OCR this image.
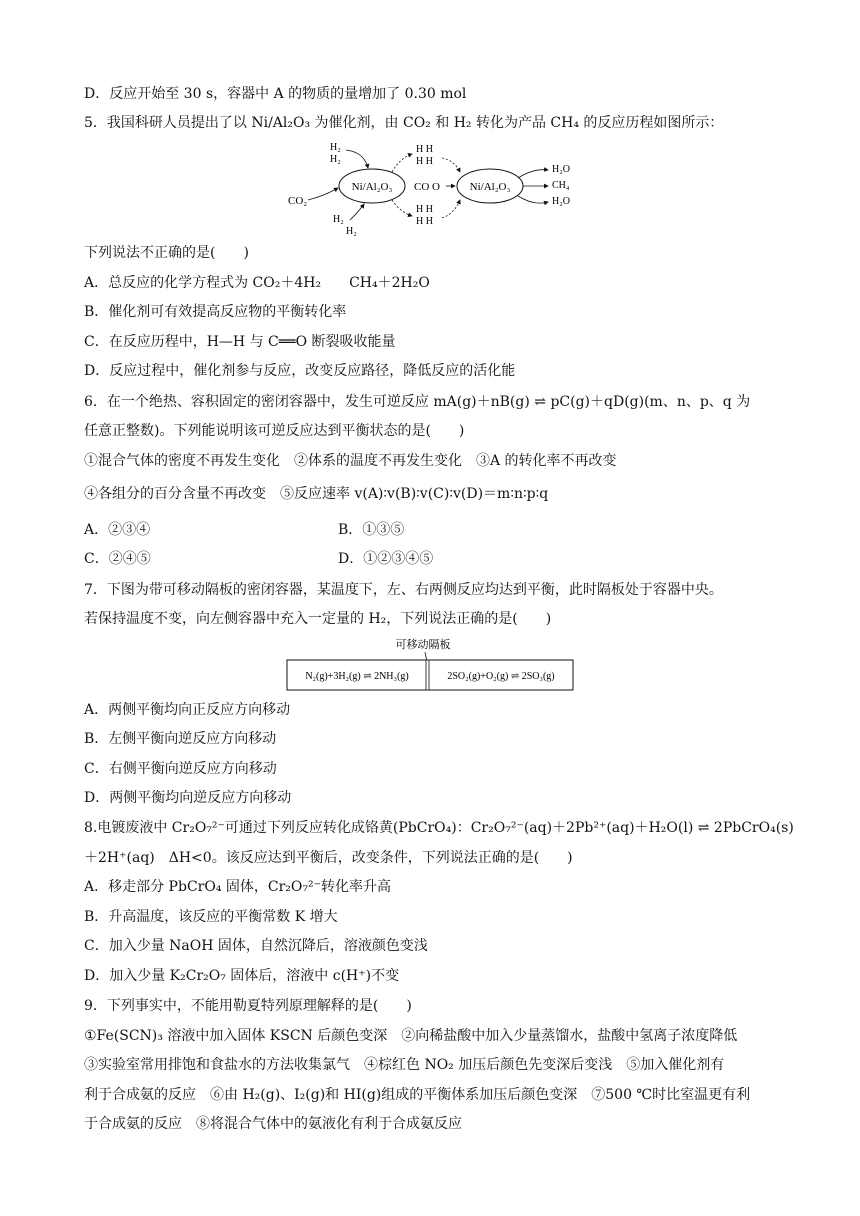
D．反应开始至 30 s，容器中 A 的物质的量增加了 0.30 mol
5．我国科研人员提出了以 Ni/Al₂O₃ 为催化剂，由 CO₂ 和 H₂ 转化为产品 CH₄ 的反应历程如图所示：
Ni/Al₂O₃	Ni/Al₂O₃
CO₂
H₂
H₂
H₂
H₂
H H
H H
CO O
H H
H H
H₂O
CH₄
H₂O
下列说法不正确的是(　　)
A．总反应的化学方程式为 CO₂＋4H₂　　CH₄＋2H₂O
B．催化剂可有效提高反应物的平衡转化率
C．在反应历程中，H—H 与 C══O 断裂吸收能量
D．反应过程中，催化剂参与反应，改变反应路径，降低反应的活化能
6．在一个绝热、容积固定的密闭容器中，发生可逆反应 mA(g)＋nB(g) ⇌ pC(g)＋qD(g)(m、n、p、q 为
任意正整数)。下列能说明该可逆反应达到平衡状态的是(　　)
①混合气体的密度不再发生变化　②体系的温度不再发生变化　③A 的转化率不再改变
④各组分的百分含量不再改变　⑤反应速率 v(A)∶v(B)∶v(C)∶v(D)＝m∶n∶p∶q
A．②③④	B．①③⑤
C．②④⑤	D．①②③④⑤
7．下图为带可移动隔板的密闭容器，某温度下，左、右两侧反应均达到平衡，此时隔板处于容器中央。
若保持温度不变，向左侧容器中充入一定量的 H₂，下列说法正确的是(　　)
可移动隔板
N₂(g)+3H₂(g) ⇌ 2NH₃(g)	2SO₂(g)+O₂(g) ⇌ 2SO₃(g)
A．两侧平衡均向正反应方向移动
B．左侧平衡向逆反应方向移动
C．右侧平衡向逆反应方向移动
D．两侧平衡均向逆反应方向移动
8.电镀废液中 Cr₂O₇²⁻可通过下列反应转化成铬黄(PbCrO₄)：Cr₂O₇²⁻(aq)＋2Pb²⁺(aq)＋H₂O(l) ⇌ 2PbCrO₄(s)
＋2H⁺(aq)　ΔH<0。该反应达到平衡后，改变条件，下列说法正确的是(　　)
A．移走部分 PbCrO₄ 固体，Cr₂O₇²⁻转化率升高
B．升高温度，该反应的平衡常数 K 增大
C．加入少量 NaOH 固体，自然沉降后，溶液颜色变浅
D．加入少量 K₂Cr₂O₇ 固体后，溶液中 c(H⁺)不变
9．下列事实中，不能用勒夏特列原理解释的是(　　)
①Fe(SCN)₃ 溶液中加入固体 KSCN 后颜色变深　②向稀盐酸中加入少量蒸馏水，盐酸中氢离子浓度降低
③实验室常用排饱和食盐水的方法收集氯气　④棕红色 NO₂ 加压后颜色先变深后变浅　⑤加入催化剂有
利于合成氨的反应　⑥由 H₂(g)、I₂(g)和 HI(g)组成的平衡体系加压后颜色变深　⑦500 ℃时比室温更有利
于合成氨的反应　⑧将混合气体中的氨液化有利于合成氨反应
